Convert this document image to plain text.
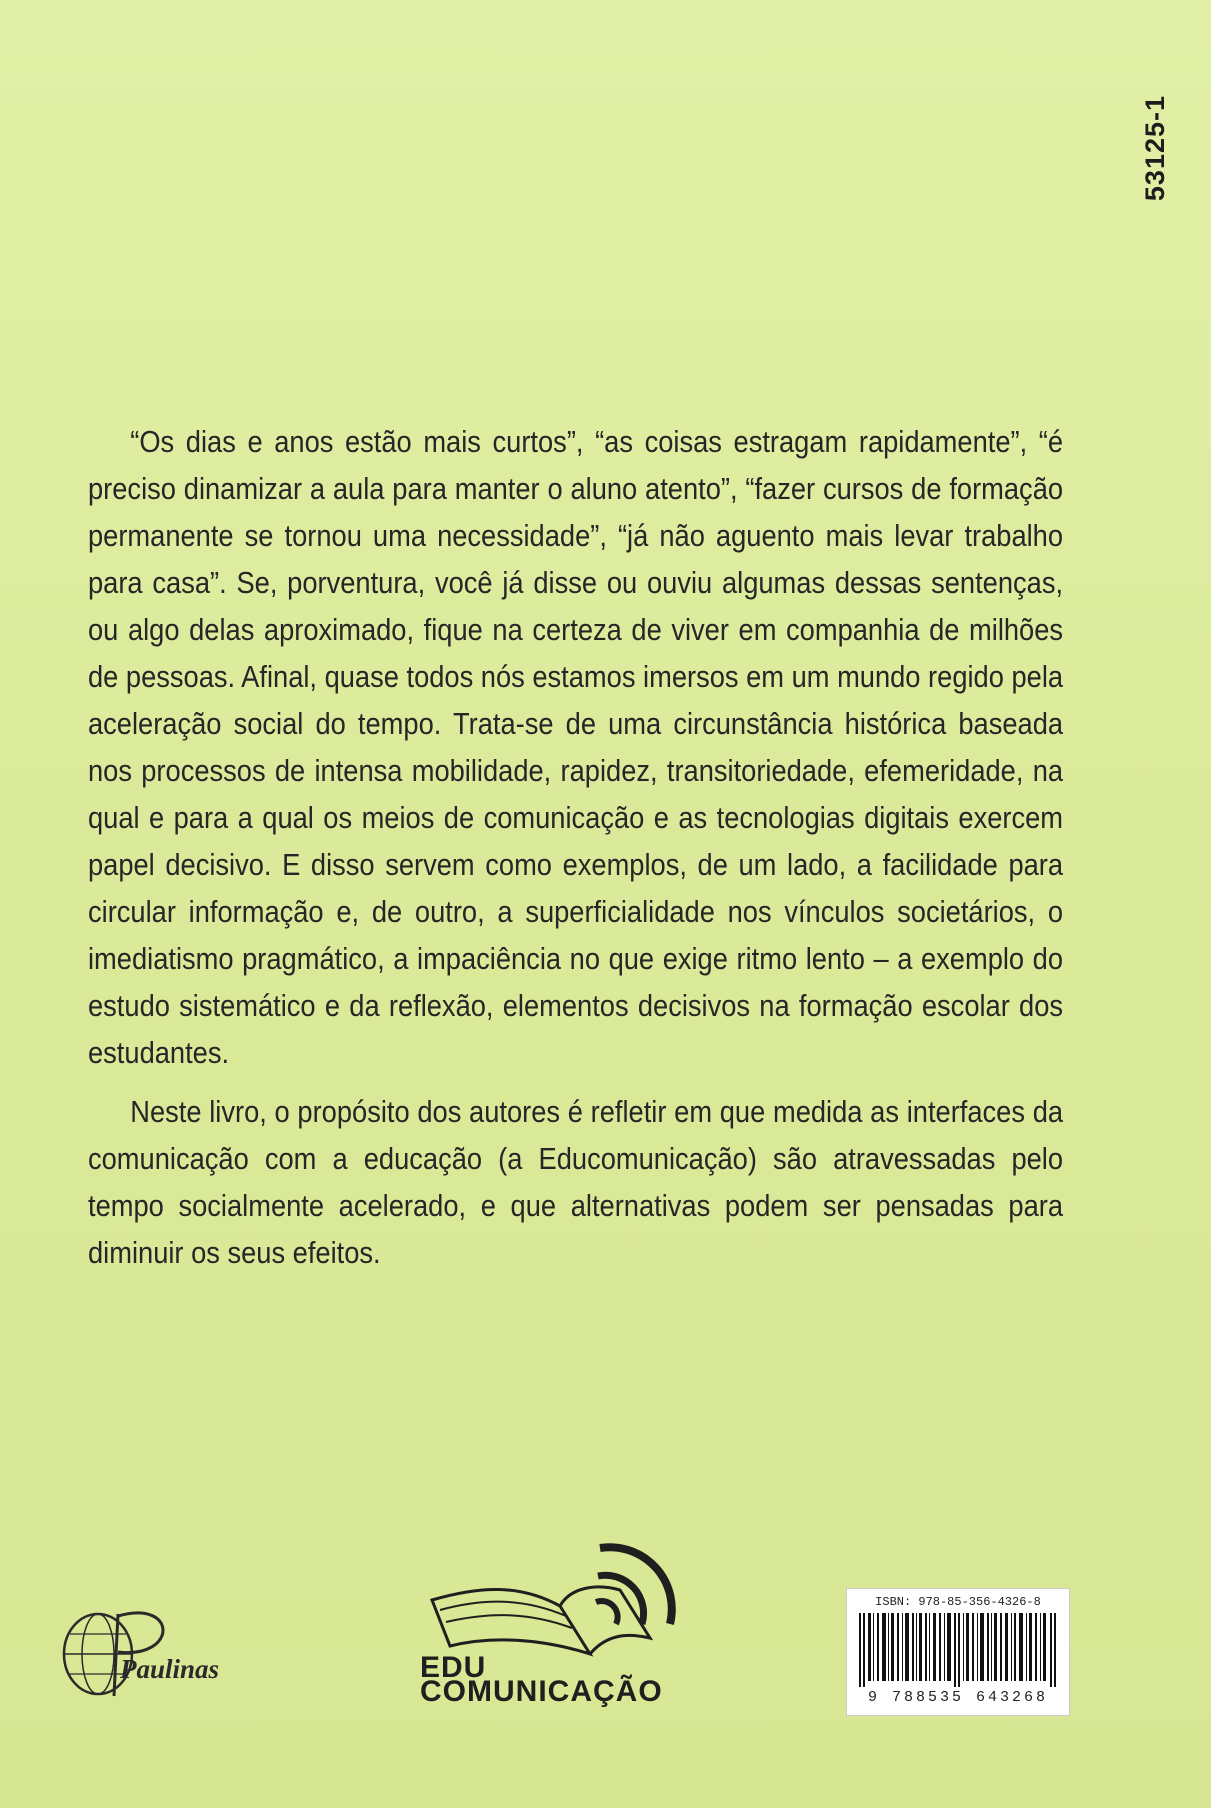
53125-1

“Os dias e anos estão mais curtos”, “as coisas estragam rapidamente”, “é preciso dinamizar a aula para manter o aluno atento”, “fazer cursos de formação permanente se tornou uma necessidade”, “já não aguento mais levar trabalho para casa”. Se, porventura, você já disse ou ouviu algumas dessas sentenças, ou algo delas aproximado, fique na certeza de viver em companhia de milhões de pessoas. Afinal, quase todos nós estamos imersos em um mundo regido pela aceleração social do tempo. Trata-se de uma circunstância histórica baseada nos processos de intensa mobilidade, rapidez, transitoriedade, efemeridade, na qual e para a qual os meios de comunicação e as tecnologias digitais exercem papel decisivo. E disso servem como exemplos, de um lado, a facilidade para circular informação e, de outro, a superficialidade nos vínculos societários, o imediatismo pragmático, a impaciência no que exige ritmo lento – a exemplo do estudo sistemático e da reflexão, elementos decisivos na formação escolar dos estudantes.

Neste livro, o propósito dos autores é refletir em que medida as interfaces da comunicação com a educação (a Educomunicação) são atravessadas pelo tempo socialmente acelerado, e que alternativas podem ser pensadas para diminuir os seus efeitos.

Paulinas	EDU
COMUNICAÇÃO
ISBN: 978-85-356-4326-8
9 788535 643268
